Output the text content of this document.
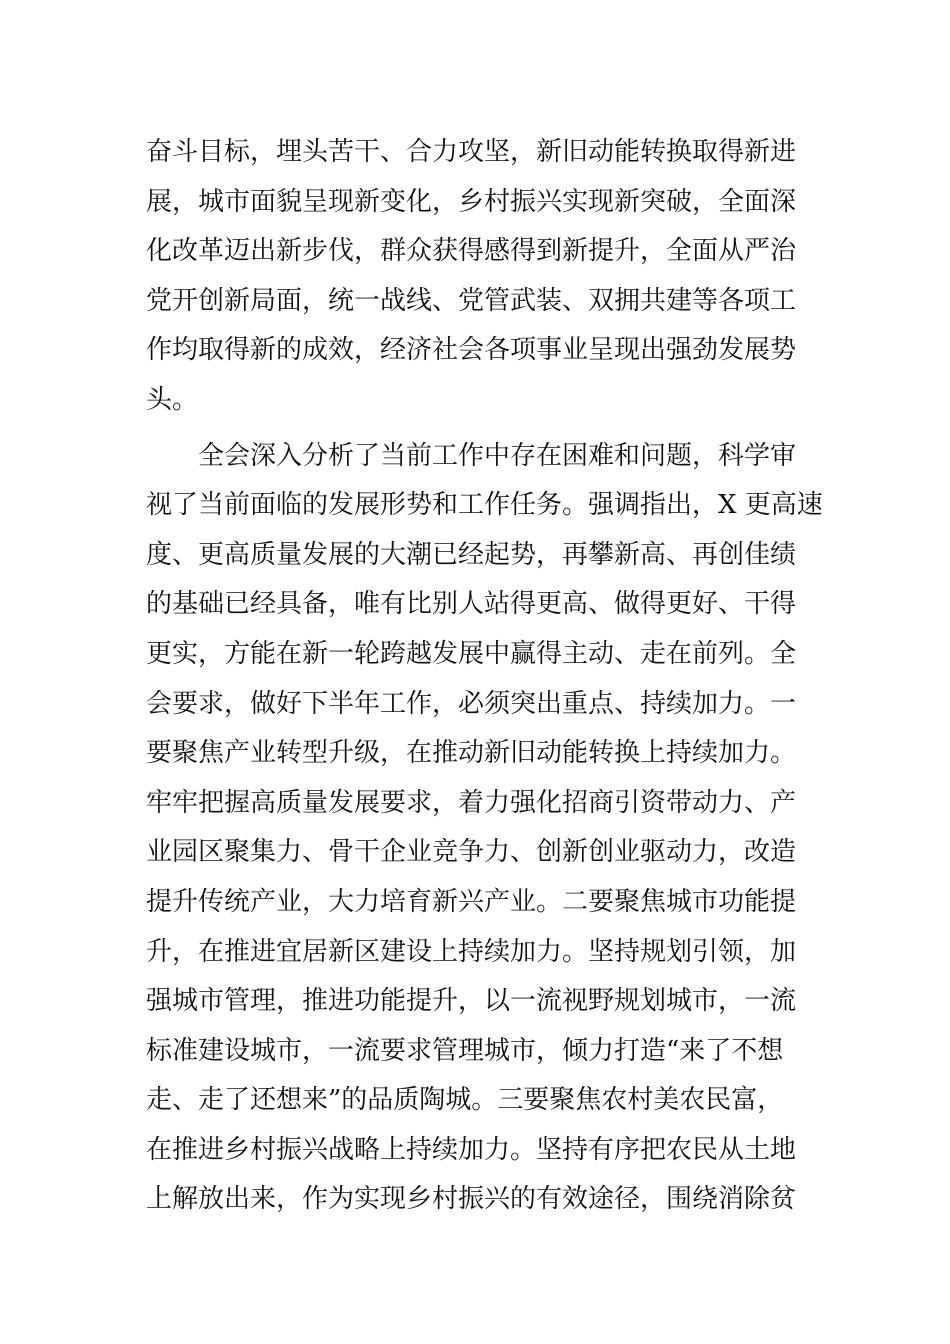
奋斗目标，埋头苦干、合力攻坚，新旧动能转换取得新进
展，城市面貌呈现新变化，乡村振兴实现新突破，全面深
化改革迈出新步伐，群众获得感得到新提升，全面从严治
党开创新局面，统一战线、党管武装、双拥共建等各项工
作均取得新的成效，经济社会各项事业呈现出强劲发展势
头。
全会深入分析了当前工作中存在困难和问题，科学审
视了当前面临的发展形势和工作任务。强调指出，X 更高速
度、更高质量发展的大潮已经起势，再攀新高、再创佳绩
的基础已经具备，唯有比别人站得更高、做得更好、干得
更实，方能在新一轮跨越发展中赢得主动、走在前列。全
会要求，做好下半年工作，必须突出重点、持续加力。一
要聚焦产业转型升级，在推动新旧动能转换上持续加力。
牢牢把握高质量发展要求，着力强化招商引资带动力、产
业园区聚集力、骨干企业竞争力、创新创业驱动力，改造
提升传统产业，大力培育新兴产业。二要聚焦城市功能提
升，在推进宜居新区建设上持续加力。坚持规划引领，加
强城市管理，推进功能提升，以一流视野规划城市，一流
标准建设城市，一流要求管理城市，倾力打造“来了不想
走、走了还想来”的品质陶城。三要聚焦农村美农民富，
在推进乡村振兴战略上持续加力。坚持有序把农民从土地
上解放出来，作为实现乡村振兴的有效途径，围绕消除贫
